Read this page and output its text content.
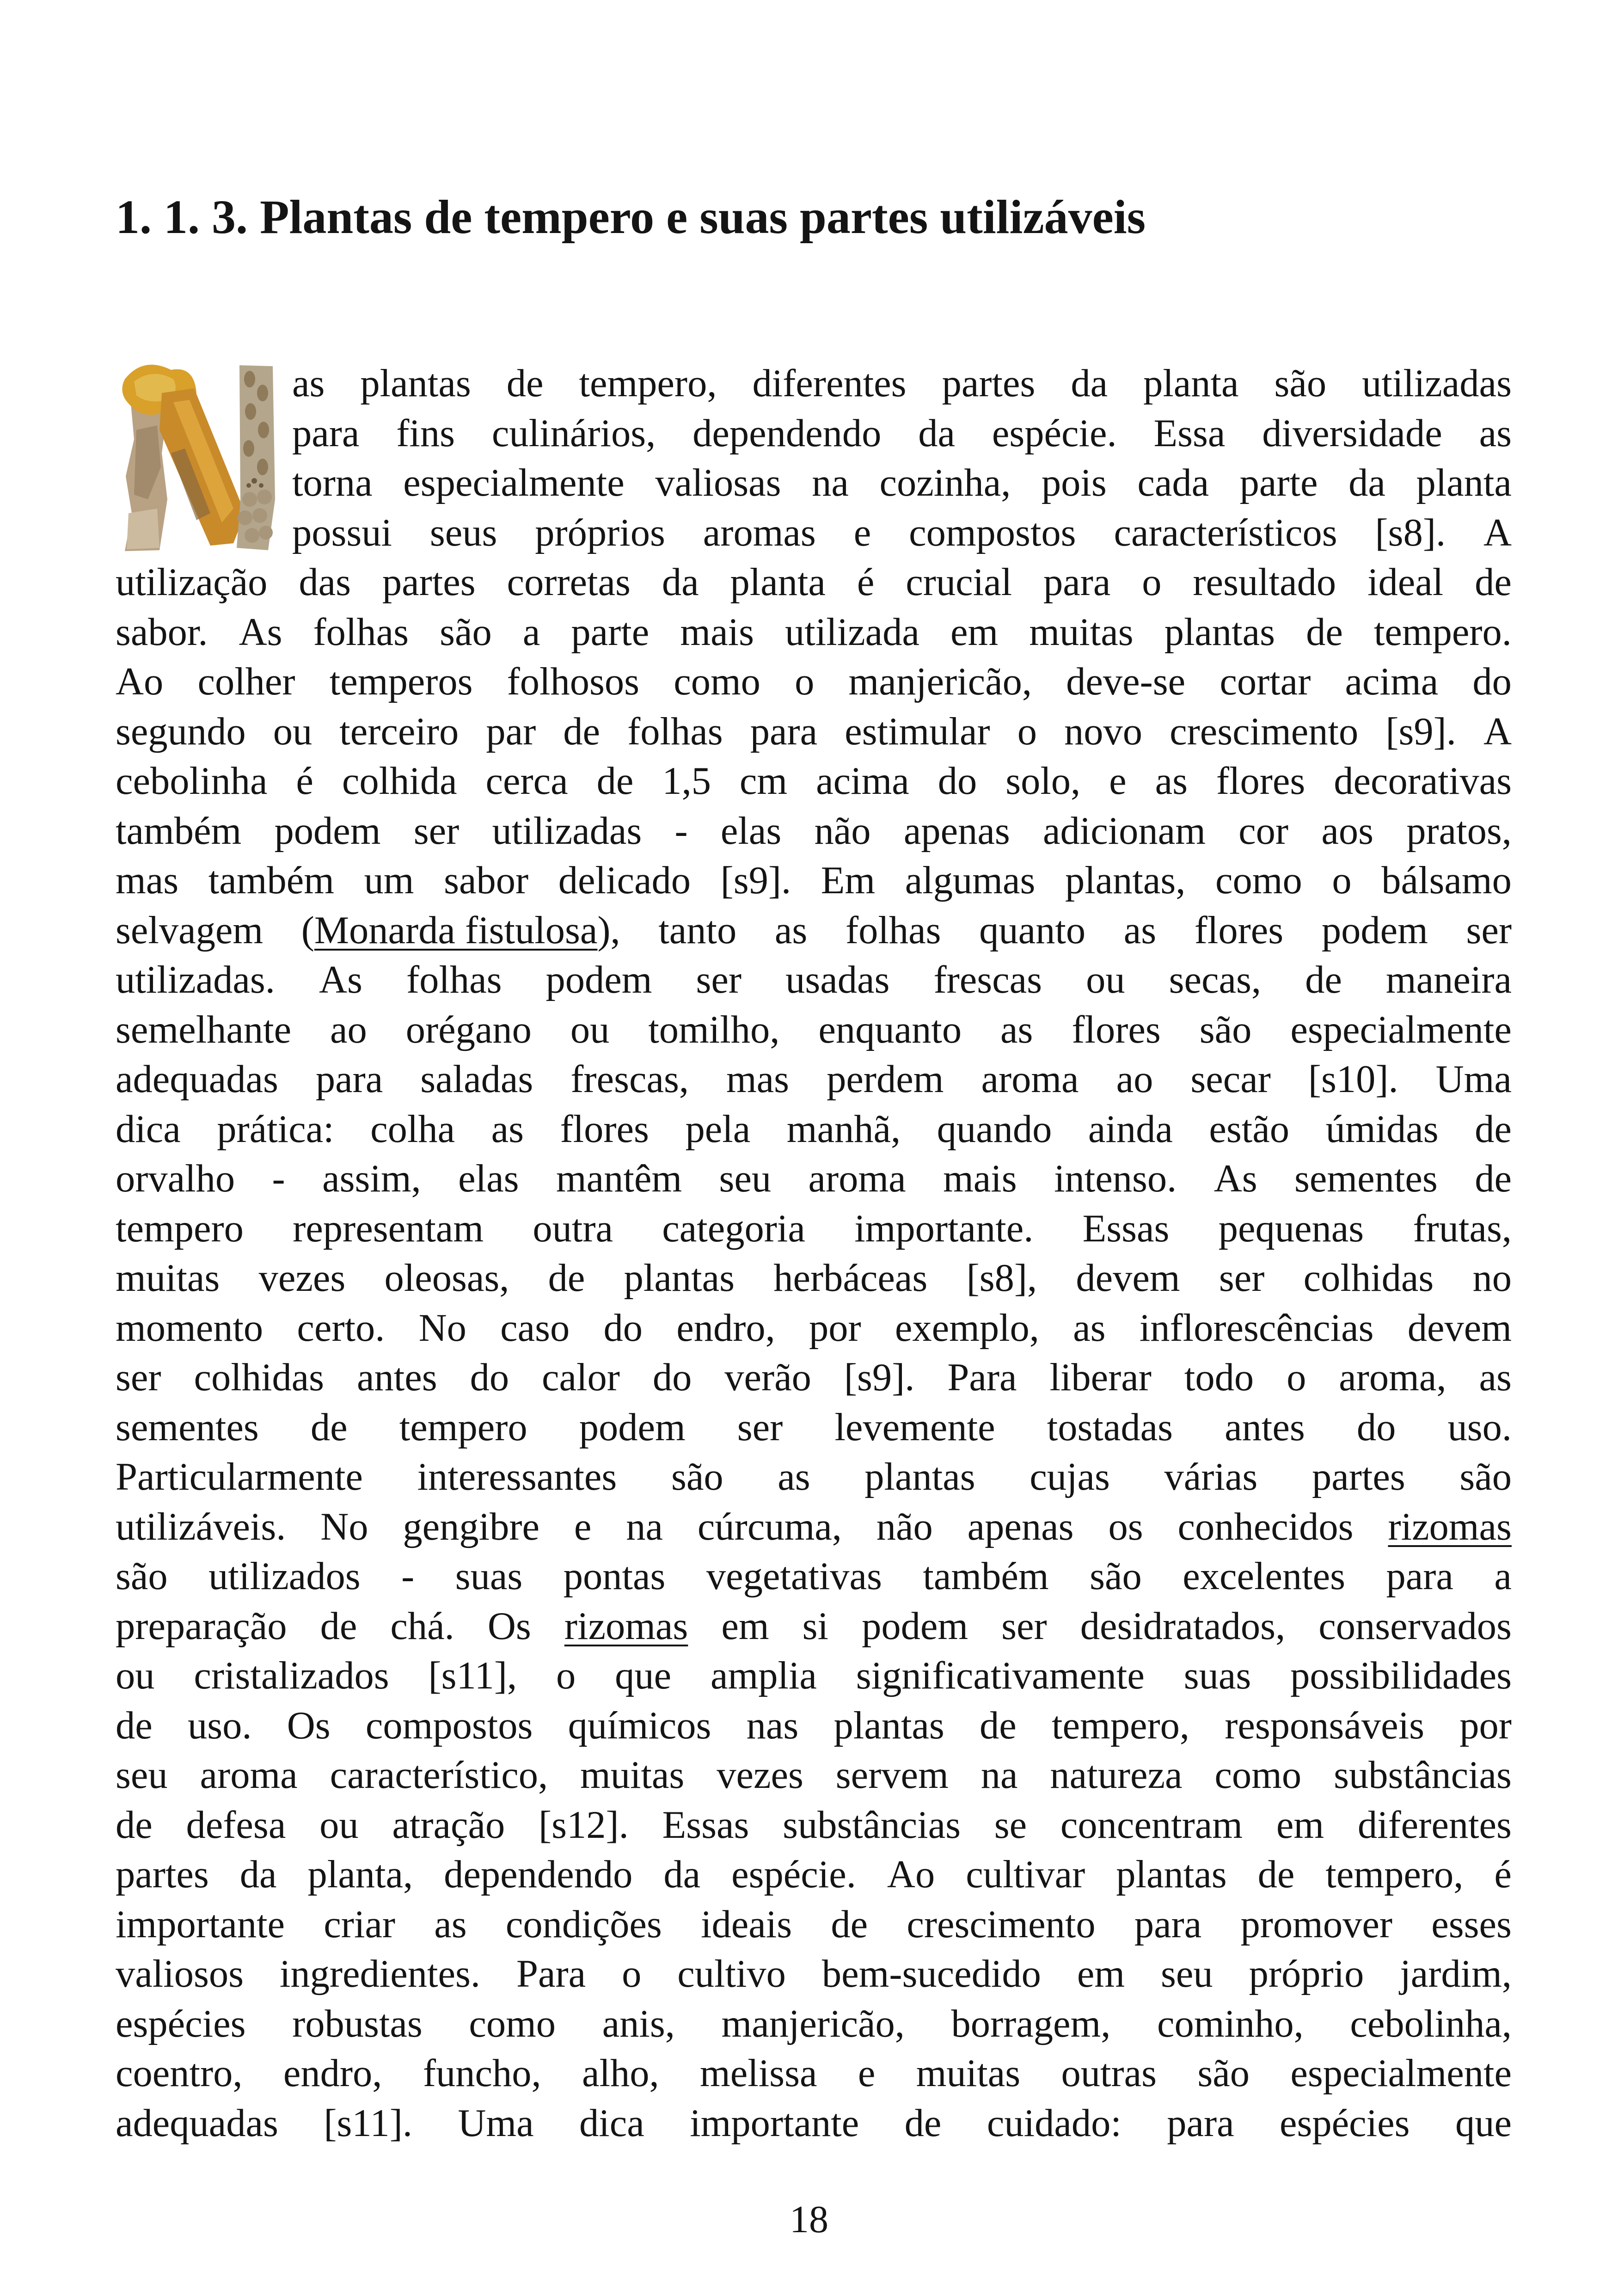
1. 1. 3. Plantas de tempero e suas partes utilizáveis
as plantas de tempero, diferentes partes da planta são utilizadas
para fins culinários, dependendo da espécie. Essa diversidade as
torna especialmente valiosas na cozinha, pois cada parte da planta
possui seus próprios aromas e compostos característicos [s8]. A
utilização das partes corretas da planta é crucial para o resultado ideal de
sabor. As folhas são a parte mais utilizada em muitas plantas de tempero.
Ao colher temperos folhosos como o manjericão, deve-se cortar acima do
segundo ou terceiro par de folhas para estimular o novo crescimento [s9]. A
cebolinha é colhida cerca de 1,5 cm acima do solo, e as flores decorativas
também podem ser utilizadas - elas não apenas adicionam cor aos pratos,
mas também um sabor delicado [s9]. Em algumas plantas, como o bálsamo
selvagem (Monarda fistulosa), tanto as folhas quanto as flores podem ser
utilizadas. As folhas podem ser usadas frescas ou secas, de maneira
semelhante ao orégano ou tomilho, enquanto as flores são especialmente
adequadas para saladas frescas, mas perdem aroma ao secar [s10]. Uma
dica prática: colha as flores pela manhã, quando ainda estão úmidas de
orvalho - assim, elas mantêm seu aroma mais intenso. As sementes de
tempero representam outra categoria importante. Essas pequenas frutas,
muitas vezes oleosas, de plantas herbáceas [s8], devem ser colhidas no
momento certo. No caso do endro, por exemplo, as inflorescências devem
ser colhidas antes do calor do verão [s9]. Para liberar todo o aroma, as
sementes de tempero podem ser levemente tostadas antes do uso.
Particularmente interessantes são as plantas cujas várias partes são
utilizáveis. No gengibre e na cúrcuma, não apenas os conhecidos rizomas
são utilizados - suas pontas vegetativas também são excelentes para a
preparação de chá. Os rizomas em si podem ser desidratados, conservados
ou cristalizados [s11], o que amplia significativamente suas possibilidades
de uso. Os compostos químicos nas plantas de tempero, responsáveis por
seu aroma característico, muitas vezes servem na natureza como substâncias
de defesa ou atração [s12]. Essas substâncias se concentram em diferentes
partes da planta, dependendo da espécie. Ao cultivar plantas de tempero, é
importante criar as condições ideais de crescimento para promover esses
valiosos ingredientes. Para o cultivo bem-sucedido em seu próprio jardim,
espécies robustas como anis, manjericão, borragem, cominho, cebolinha,
coentro, endro, funcho, alho, melissa e muitas outras são especialmente
adequadas [s11]. Uma dica importante de cuidado: para espécies que
18
